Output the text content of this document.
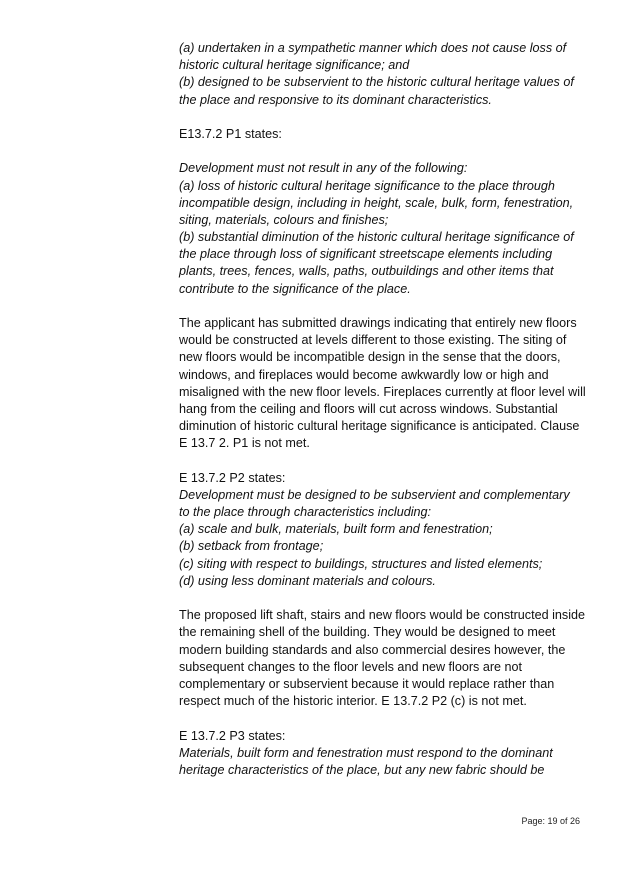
(a) undertaken in a sympathetic manner which does not cause loss of
historic cultural heritage significance; and
(b) designed to be subservient to the historic cultural heritage values of
the place and responsive to its dominant characteristics.
E13.7.2 P1 states:
Development must not result in any of the following:
(a) loss of historic cultural heritage significance to the place through
incompatible design, including in height, scale, bulk, form, fenestration,
siting, materials, colours and finishes;
(b) substantial diminution of the historic cultural heritage significance of
the place through loss of significant streetscape elements including
plants, trees, fences, walls, paths, outbuildings and other items that
contribute to the significance of the place.
The applicant has submitted drawings indicating that entirely new floors
would be constructed at levels different to those existing. The siting of
new floors would be incompatible design in the sense that the doors,
windows, and fireplaces would become awkwardly low or high and
misaligned with the new floor levels. Fireplaces currently at floor level will
hang from the ceiling and floors will cut across windows. Substantial
diminution of historic cultural heritage significance is anticipated. Clause
E 13.7 2. P1 is not met.
E 13.7.2 P2 states:
Development must be designed to be subservient and complementary
to the place through characteristics including:
(a) scale and bulk, materials, built form and fenestration;
(b) setback from frontage;
(c) siting with respect to buildings, structures and listed elements;
(d) using less dominant materials and colours.
The proposed lift shaft, stairs and new floors would be constructed inside
the remaining shell of the building. They would be designed to meet
modern building standards and also commercial desires however, the
subsequent changes to the floor levels and new floors are not
complementary or subservient because it would replace rather than
respect much of the historic interior. E 13.7.2 P2 (c) is not met.
E 13.7.2 P3 states:
Materials, built form and fenestration must respond to the dominant
heritage characteristics of the place, but any new fabric should be
Page: 19 of 26
